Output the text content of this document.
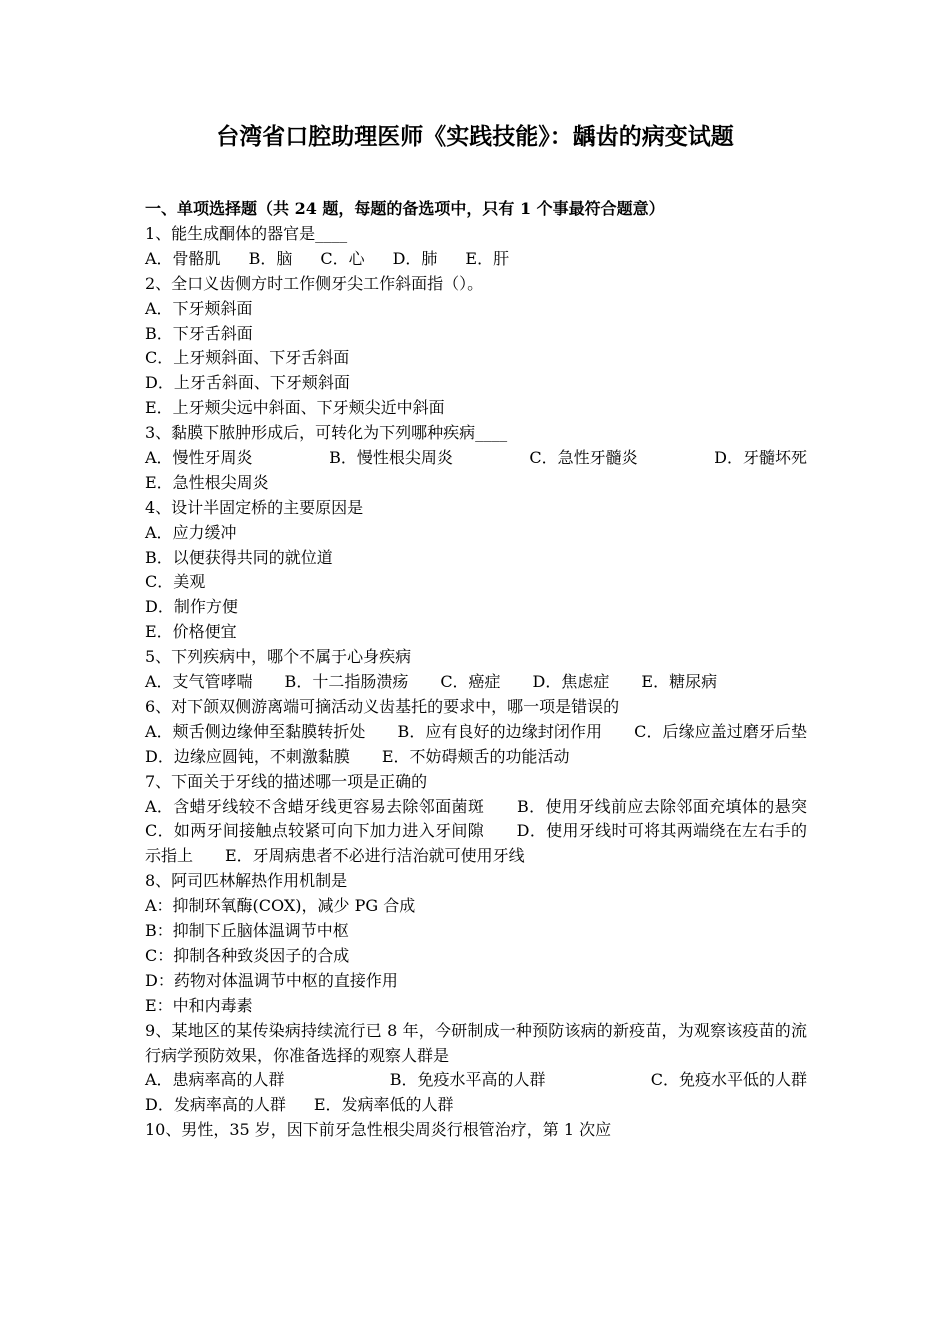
台湾省口腔助理医师《实践技能》：龋齿的病变试题
一、单项选择题（共 24 题，每题的备选项中，只有 1 个事最符合题意）
1、能生成酮体的器官是____
A．骨骼肌 B．脑 C．心 D．肺 E．肝
2、全口义齿侧方时工作侧牙尖工作斜面指（）。
A．下牙颊斜面
B．下牙舌斜面
C．上牙颊斜面、下牙舌斜面
D．上牙舌斜面、下牙颊斜面
E．上牙颊尖远中斜面、下牙颊尖近中斜面
3、黏膜下脓肿形成后，可转化为下列哪种疾病____
A．慢性牙周炎	B．慢性根尖周炎	C．急性牙髓炎	D．牙髓坏死
E．急性根尖周炎
4、设计半固定桥的主要原因是
A．应力缓冲
B．以便获得共同的就位道
C．美观
D．制作方便
E．价格便宜
5、下列疾病中，哪个不属于心身疾病
A．支气管哮喘　　B．十二指肠溃疡　　C．癌症　　D．焦虑症　　E．糖尿病
6、对下颌双侧游离端可摘活动义齿基托的要求中，哪一项是错误的
A．颊舌侧边缘伸至黏膜转折处　　B．应有良好的边缘封闭作用　　C．后缘应盖过磨牙后垫　　D．边缘应圆钝，不刺激黏膜　　E．不妨碍颊舌的功能活动
7、下面关于牙线的描述哪一项是正确的
A．含蜡牙线较不含蜡牙线更容易去除邻面菌斑　　B．使用牙线前应去除邻面充填体的悬突　　C．如两牙间接触点较紧可向下加力进入牙间隙　　D．使用牙线时可将其两端绕在左右手的示指上　　E．牙周病患者不必进行洁治就可使用牙线
8、阿司匹林解热作用机制是
A：抑制环氧酶(COX)，减少 PG 合成
B：抑制下丘脑体温调节中枢
C：抑制各种致炎因子的合成
D：药物对体温调节中枢的直接作用
E：中和内毒素
9、某地区的某传染病持续流行已 8 年，今研制成一种预防该病的新疫苗，为观察该疫苗的流行病学预防效果，你准备选择的观察人群是
A．患病率高的人群	B．免疫水平高的人群	C．免疫水平低的人群
D．发病率高的人群 E．发病率低的人群
10、男性，35 岁，因下前牙急性根尖周炎行根管治疗，第 1 次应
